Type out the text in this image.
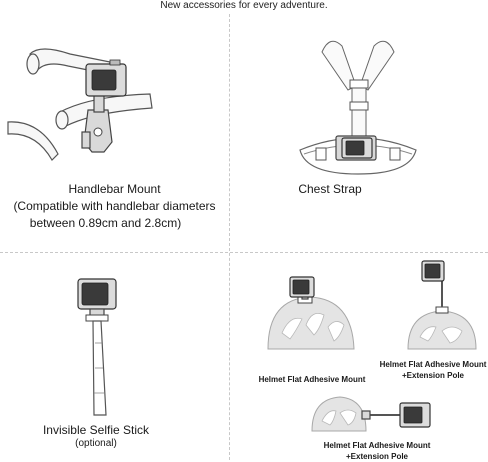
New accessories for every adventure.
Handlebar Mount
(Compatible with handlebar diameters
between 0.89cm and 2.8cm)
Chest Strap
Invisible Selfie Stick
(optional)
Helmet Flat Adhesive Mount
Helmet Flat Adhesive Mount
+Extension Pole
Helmet Flat Adhesive Mount
+Extension Pole
